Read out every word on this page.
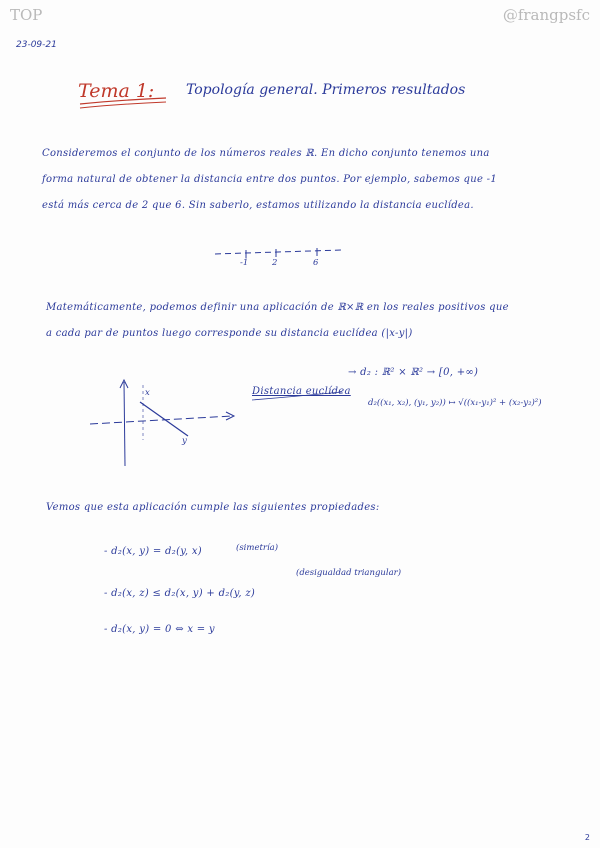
TOP	@frangpsfc
23-09-21
Tema 1: Topología general. Primeros resultados
Consideremos el conjunto de los números reales ℝ. En dicho conjunto tenemos una
forma natural de obtener la distancia entre dos puntos. Por ejemplo, sabemos que -1
está más cerca de 2 que 6. Sin saberlo, estamos utilizando la distancia euclídea.
-1	2	6
Matemáticamente, podemos definir una aplicación de ℝ×ℝ en los reales positivos que
a cada par de puntos luego corresponde su distancia euclídea (|x-y|)
x
y
Distancia euclídea
→ d₂ : ℝ² × ℝ² → [0, +∞)
d₂((x₁, x₂), (y₁, y₂)) ↦ √((x₁-y₁)² + (x₂-y₂)²)
Vemos que esta aplicación cumple las siguientes propiedades:
- d₂(x, y) = d₂(y, x)	(simetría)
- d₂(x, z) ≤ d₂(x, y) + d₂(y, z)
(desigualdad triangular)
- d₂(x, y) = 0 ⇔ x = y
2
